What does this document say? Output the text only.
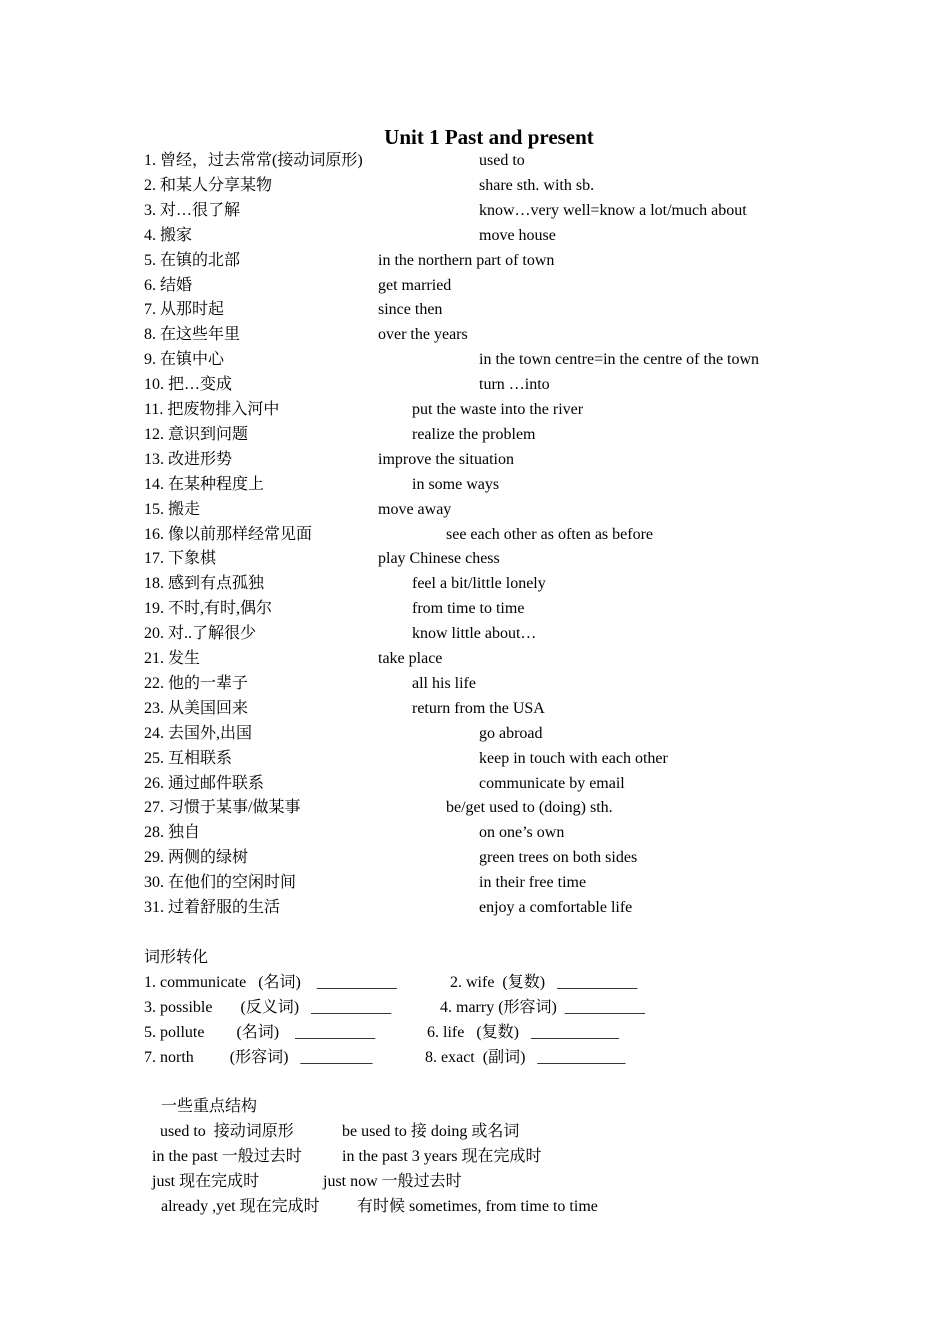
Unit 1 Past and present
1. 曾经，过去常常(接动词原形)	used to
2. 和某人分享某物	share sth. with sb.
3. 对…很了解	know…very well=know a lot/much about
4. 搬家	move house
5. 在镇的北部	in the northern part of town
6. 结婚	get married
7. 从那时起	since then
8. 在这些年里	over the years
9. 在镇中心	in the town centre=in the centre of the town
10. 把…变成	turn …into
11. 把废物排入河中	put the waste into the river
12. 意识到问题	realize the problem
13. 改进形势	improve the situation
14. 在某种程度上	in some ways
15. 搬走	move away
16. 像以前那样经常见面	see each other as often as before
17. 下象棋	play Chinese chess
18. 感到有点孤独	feel a bit/little lonely
19. 不时,有时,偶尔	from time to time
20. 对..了解很少	know little about…
21. 发生	take place
22. 他的一辈子	all his life
23. 从美国回来	return from the USA
24. 去国外,出国	go abroad
25. 互相联系	keep in touch with each other
26. 通过邮件联系	communicate by email
27. 习惯于某事/做某事	be/get used to (doing) sth.
28. 独自	on one’s own
29. 两侧的绿树	green trees on both sides
30. 在他们的空闲时间	in their free time
31. 过着舒服的生活	enjoy a comfortable life
词形转化
1. communicate   (名词)    __________	2. wife  (复数)   __________
3. possible       (反义词)   __________	4. marry (形容词)  __________
5. pollute        (名词)    __________	6. life   (复数)   ___________
7. north         (形容词)   _________	8. exact  (副词)   ___________
一些重点结构
used to  接动词原形	be used to 接 doing 或名词
in the past 一般过去时	in the past 3 years 现在完成时
just 现在完成时	just now 一般过去时
already ,yet 现在完成时 有时候 sometimes, from time to time
